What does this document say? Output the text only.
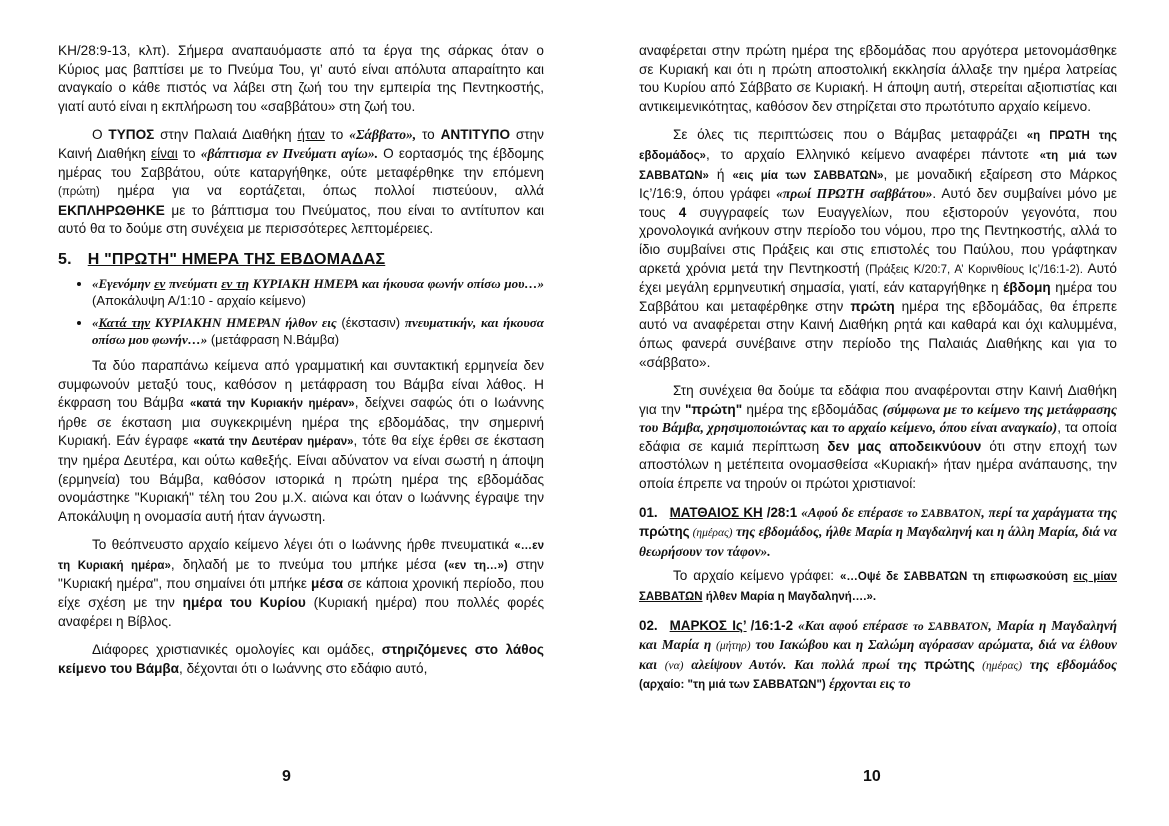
ΚΗ/28:9-13, κλπ). Σήμερα αναπαυόμαστε από τα έργα της σάρκας όταν ο Κύριος μας βαπτίσει με το Πνεύμα Του, γι’ αυτό είναι απόλυτα απαραίτητο και αναγκαίο ο κάθε πιστός να λάβει στη ζωή του την εμπειρία της Πεντηκοστής, γιατί αυτό είναι η εκπλήρωση του «σαββάτου» στη ζωή του.

Ο ΤΥΠΟΣ στην Παλαιά Διαθήκη ήταν το «Σάββατο», το ΑΝΤΙΤΥΠΟ στην Καινή Διαθήκη είναι το «βάπτισμα εν Πνεύματι αγίω». Ο εορτασμός της έβδομης ημέρας του Σαββάτου, ούτε καταργήθηκε, ούτε μεταφέρθηκε την επόμενη (πρώτη) ημέρα για να εορτάζεται, όπως πολλοί πιστεύουν, αλλά ΕΚΠΛΗΡΩΘΗΚΕ με το βάπτισμα του Πνεύματος, που είναι το αντίτυπον και αυτό θα το δούμε στη συνέχεια με περισσότερες λεπτομέρειες.

5. Η "ΠΡΩΤΗ" ΗΜΕΡΑ ΤΗΣ ΕΒΔΟΜΑΔΑΣ
• «Εγενόμην εν πνεύματι εν τη ΚΥΡΙΑΚΗ ΗΜΕΡΑ και ήκουσα φωνήν οπίσω μου…» (Αποκάλυψη Α/1:10 - αρχαίο κείμενο)
• «Κατά την ΚΥΡΙΑΚΗΝ ΗΜΕΡΑΝ ήλθον εις (έκστασιν) πνευματικήν, και ήκουσα οπίσω μου φωνήν…» (μετάφραση Ν.Βάμβα)

Τα δύο παραπάνω κείμενα από γραμματική και συντακτική ερμηνεία δεν συμφωνούν μεταξύ τους, καθόσον η μετάφραση του Βάμβα είναι λάθος. Η έκφραση του Βάμβα «κατά την Κυριακήν ημέραν», δείχνει σαφώς ότι ο Ιωάννης ήρθε σε έκσταση μια συγκεκριμένη ημέρα της εβδομάδας, την σημερινή Κυριακή. Εάν έγραφε «κατά την Δευτέραν ημέραν», τότε θα είχε έρθει σε έκσταση την ημέρα Δευτέρα, και ούτω καθεξής. Είναι αδύνατον να είναι σωστή η άποψη (ερμηνεία) του Βάμβα, καθόσον ιστορικά η πρώτη ημέρα της εβδομάδας ονομάστηκε "Κυριακή" τέλη του 2ου μ.Χ. αιώνα και όταν ο Ιωάννης έγραψε την Αποκάλυψη η ονομασία αυτή ήταν άγνωστη.

Το θεόπνευστο αρχαίο κείμενο λέγει ότι ο Ιωάννης ήρθε πνευματικά «…εν τη Κυριακή ημέρα», δηλαδή με το πνεύμα του μπήκε μέσα («εν τη…») στην "Κυριακή ημέρα", που σημαίνει ότι μπήκε μέσα σε κάποια χρονική περίοδο, που είχε σχέση με την ημέρα του Κυρίου (Κυριακή ημέρα) που πολλές φορές αναφέρει η Βίβλος.

Διάφορες χριστιανικές ομολογίες και ομάδες, στηριζόμενες στο λάθος κείμενο του Βάμβα, δέχονται ότι ο Ιωάννης στο εδάφιο αυτό,

9

αναφέρεται στην πρώτη ημέρα της εβδομάδας που αργότερα μετονομάσθηκε σε Κυριακή και ότι η πρώτη αποστολική εκκλησία άλλαξε την ημέρα λατρείας του Κυρίου από Σάββατο σε Κυριακή. Η άποψη αυτή, στερείται αξιοπιστίας και αντικειμενικότητας, καθόσον δεν στηρίζεται στο πρωτότυπο αρχαίο κείμενο.

Σε όλες τις περιπτώσεις που ο Βάμβας μεταφράζει «η ΠΡΩΤΗ της εβδομάδος», το αρχαίο Ελληνικό κείμενο αναφέρει πάντοτε «τη μιά των ΣΑΒΒΑΤΩΝ» ή «εις μία των ΣΑΒΒΑΤΩΝ», με μοναδική εξαίρεση στο Μάρκος Ις’/16:9, όπου γράφει «πρωί ΠΡΩΤΗ σαββάτου». Αυτό δεν συμβαίνει μόνο με τους 4 συγγραφείς των Ευαγγελίων, που εξιστορούν γεγονότα, που χρονολογικά ανήκουν στην περίοδο του νόμου, προ της Πεντηκοστής, αλλά το ίδιο συμβαίνει στις Πράξεις και στις επιστολές του Παύλου, που γράφτηκαν αρκετά χρόνια μετά την Πεντηκοστή (Πράξεις Κ/20:7, Α’ Κορινθίους Ις’/16:1-2). Αυτό έχει μεγάλη ερμηνευτική σημασία, γιατί, εάν καταργήθηκε η έβδομη ημέρα του Σαββάτου και μεταφέρθηκε στην πρώτη ημέρα της εβδομάδας, θα έπρεπε αυτό να αναφέρεται στην Καινή Διαθήκη ρητά και καθαρά και όχι καλυμμένα, όπως φανερά συνέβαινε στην περίοδο της Παλαιάς Διαθήκης και για το «σάββατο».

Στη συνέχεια θα δούμε τα εδάφια που αναφέρονται στην Καινή Διαθήκη για την "πρώτη" ημέρα της εβδομάδας (σύμφωνα με το κείμενο της μετάφρασης του Βάμβα, χρησιμοποιώντας και το αρχαίο κείμενο, όπου είναι αναγκαίο), τα οποία εδάφια σε καμιά περίπτωση δεν μας αποδεικνύουν ότι στην εποχή των αποστόλων η μετέπειτα ονομασθείσα «Κυριακή» ήταν ημέρα ανάπαυσης, την οποία έπρεπε να τηρούν οι πρώτοι χριστιανοί:

01. ΜΑΤΘΑΙΟΣ ΚΗ /28:1 «Αφού δε επέρασε το ΣΑΒΒΑΤΟΝ, περί τα χαράγματα της πρώτης (ημέρας) της εβδομάδος, ήλθε Μαρία η Μαγδαληνή και η άλλη Μαρία, διά να θεωρήσουν τον τάφον».

Το αρχαίο κείμενο γράφει: «…Οψέ δε ΣΑΒΒΑΤΩΝ τη επιφωσκούση εις μίαν ΣΑΒΒΑΤΩΝ ήλθεν Μαρία η Μαγδαληνή….».

02. ΜΑΡΚΟΣ Ις’ /16:1-2 «Και αφού επέρασε το ΣΑΒΒΑΤΟΝ, Μαρία η Μαγδαληνή και Μαρία η (μήτηρ) του Ιακώβου και η Σαλώμη αγόρασαν αρώματα, διά να έλθουν και (να) αλείψουν Αυτόν. Και πολλά πρωί της πρώτης (ημέρας) της εβδομάδος (αρχαίο: "τη μιά των ΣΑΒΒΑΤΩΝ") έρχονται εις το

10
